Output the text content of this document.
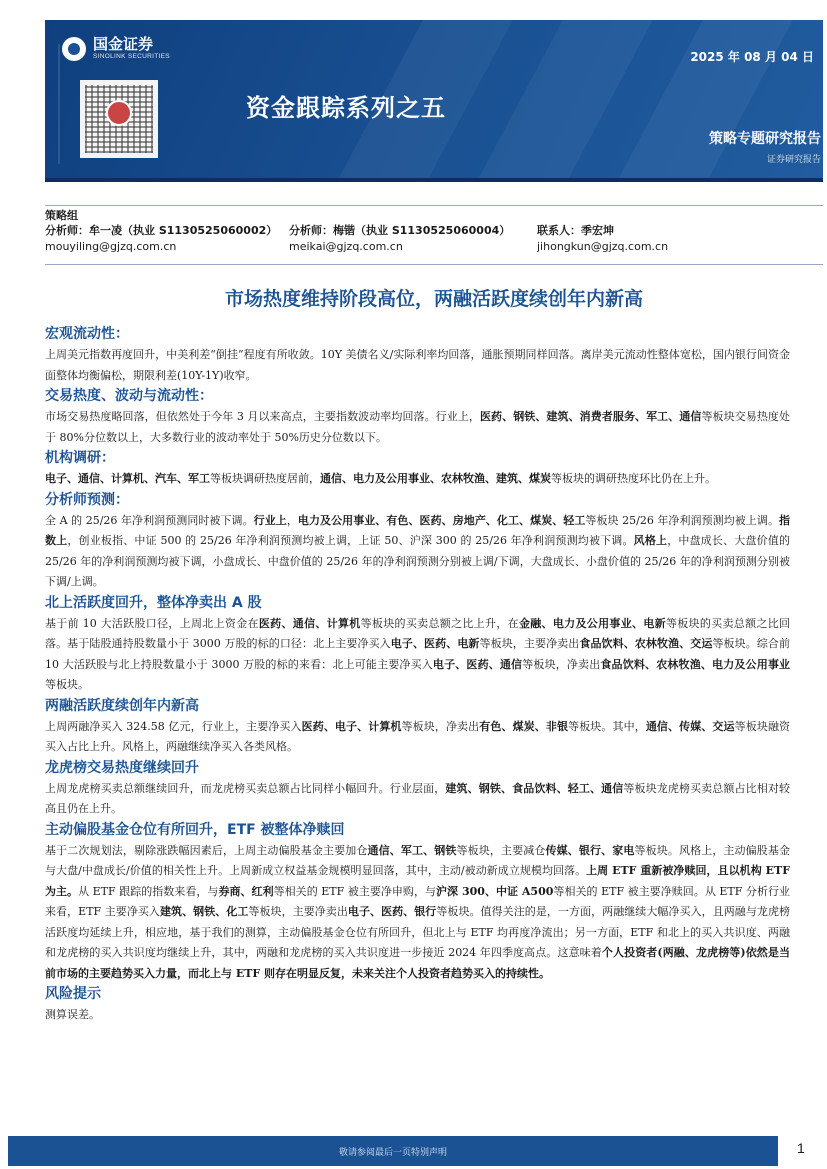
国金证券
SINOLINK SECURITIES	2025 年 08 月 04 日
资金跟踪系列之五
策略专题研究报告
证券研究报告
策略组
分析师：牟一凌（执业 S1130525060002）	分析师：梅锴（执业 S1130525060004）	联系人：季宏坤
mouyiling@gjzq.com.cn	meikai@gjzq.com.cn	jihongkun@gjzq.com.cn
市场热度维持阶段高位，两融活跃度续创年内新高
宏观流动性：
上周美元指数再度回升，中美利差“倒挂”程度有所收敛。10Y 美债名义/实际利率均回落，通胀预期同样回落。离岸美元流动性整体宽松，国内银行间资金面整体均衡偏松，期限利差(10Y-1Y)收窄。
交易热度、波动与流动性：
市场交易热度略回落，但依然处于今年 3 月以来高点，主要指数波动率均回落。行业上，医药、钢铁、建筑、消费者服务、军工、通信等板块交易热度处于 80%分位数以上，大多数行业的波动率处于 50%历史分位数以下。
机构调研：
电子、通信、计算机、汽车、军工等板块调研热度居前，通信、电力及公用事业、农林牧渔、建筑、煤炭等板块的调研热度环比仍在上升。
分析师预测：
全 A 的 25/26 年净利润预测同时被下调。行业上，电力及公用事业、有色、医药、房地产、化工、煤炭、轻工等板块 25/26 年净利润预测均被上调。指数上，创业板指、中证 500 的 25/26 年净利润预测均被上调，上证 50、沪深 300 的 25/26 年净利润预测均被下调。风格上，中盘成长、大盘价值的 25/26 年的净利润预测均被下调，小盘成长、中盘价值的 25/26 年的净利润预测分别被上调/下调，大盘成长、小盘价值的 25/26 年的净利润预测分别被下调/上调。
北上活跃度回升，整体净卖出 A 股
基于前 10 大活跃股口径，上周北上资金在医药、通信、计算机等板块的买卖总额之比上升，在金融、电力及公用事业、电新等板块的买卖总额之比回落。基于陆股通持股数量小于 3000 万股的标的口径：北上主要净买入电子、医药、电新等板块，主要净卖出食品饮料、农林牧渔、交运等板块。综合前 10 大活跃股与北上持股数量小于 3000 万股的标的来看：北上可能主要净买入电子、医药、通信等板块，净卖出食品饮料、农林牧渔、电力及公用事业等板块。
两融活跃度续创年内新高
上周两融净买入 324.58 亿元，行业上，主要净买入医药、电子、计算机等板块，净卖出有色、煤炭、非银等板块。其中，通信、传媒、交运等板块融资买入占比上升。风格上，两融继续净买入各类风格。
龙虎榜交易热度继续回升
上周龙虎榜买卖总额继续回升，而龙虎榜买卖总额占比同样小幅回升。行业层面，建筑、钢铁、食品饮料、轻工、通信等板块龙虎榜买卖总额占比相对较高且仍在上升。
主动偏股基金仓位有所回升，ETF 被整体净赎回
基于二次规划法，剔除涨跌幅因素后，上周主动偏股基金主要加仓通信、军工、钢铁等板块，主要减仓传媒、银行、家电等板块。风格上，主动偏股基金与大盘/中盘成长/价值的相关性上升。上周新成立权益基金规模明显回落，其中，主动/被动新成立规模均回落。上周 ETF 重新被净赎回，且以机构 ETF 为主。从 ETF 跟踪的指数来看，与券商、红利等相关的 ETF 被主要净申购，与沪深 300、中证 A500等相关的 ETF 被主要净赎回。从 ETF 分析行业来看，ETF 主要净买入建筑、钢铁、化工等板块，主要净卖出电子、医药、银行等板块。值得关注的是，一方面，两融继续大幅净买入，且两融与龙虎榜活跃度均延续上升，相应地，基于我们的测算，主动偏股基金仓位有所回升，但北上与 ETF 均再度净流出；另一方面，ETF 和北上的买入共识度、两融和龙虎榜的买入共识度均继续上升，其中，两融和龙虎榜的买入共识度进一步接近 2024 年四季度高点。这意味着个人投资者(两融、龙虎榜等)依然是当前市场的主要趋势买入力量，而北上与 ETF 则存在明显反复，未来关注个人投资者趋势买入的持续性。
风险提示
测算误差。
敬请参阅最后一页特别声明	1
